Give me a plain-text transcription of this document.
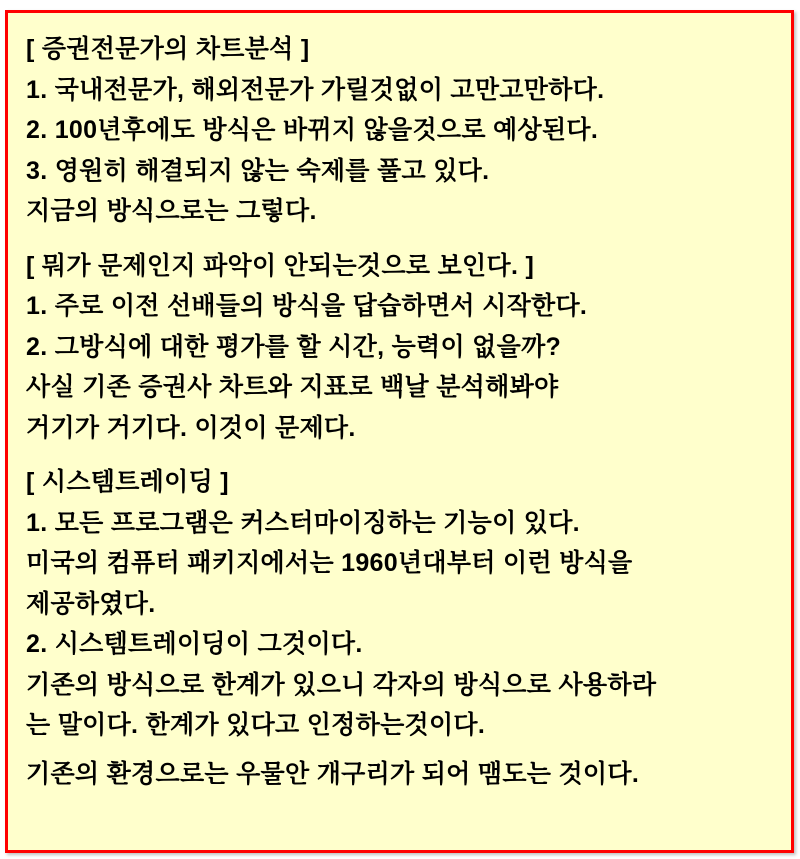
[ 증권전문가의 차트분석 ]
1. 국내전문가, 해외전문가 가릴것없이 고만고만하다.
2. 100년후에도 방식은 바뀌지 않을것으로 예상된다.
3. 영원히 해결되지 않는 숙제를 풀고 있다.
지금의 방식으로는 그렇다.
[ 뭐가 문제인지 파악이 안되는것으로 보인다. ]
1. 주로 이전 선배들의 방식을 답습하면서 시작한다.
2. 그방식에 대한 평가를 할 시간, 능력이 없을까?
사실 기존 증권사 차트와 지표로 백날 분석해봐야
거기가 거기다. 이것이 문제다.
[ 시스템트레이딩 ]
1. 모든 프로그램은 커스터마이징하는 기능이 있다.
미국의 컴퓨터 패키지에서는 1960년대부터 이런 방식을
제공하였다.
2. 시스템트레이딩이 그것이다.
기존의 방식으로 한계가 있으니 각자의 방식으로 사용하라
는 말이다. 한계가 있다고 인정하는것이다.
기존의 환경으로는 우물안 개구리가 되어 맴도는 것이다.
